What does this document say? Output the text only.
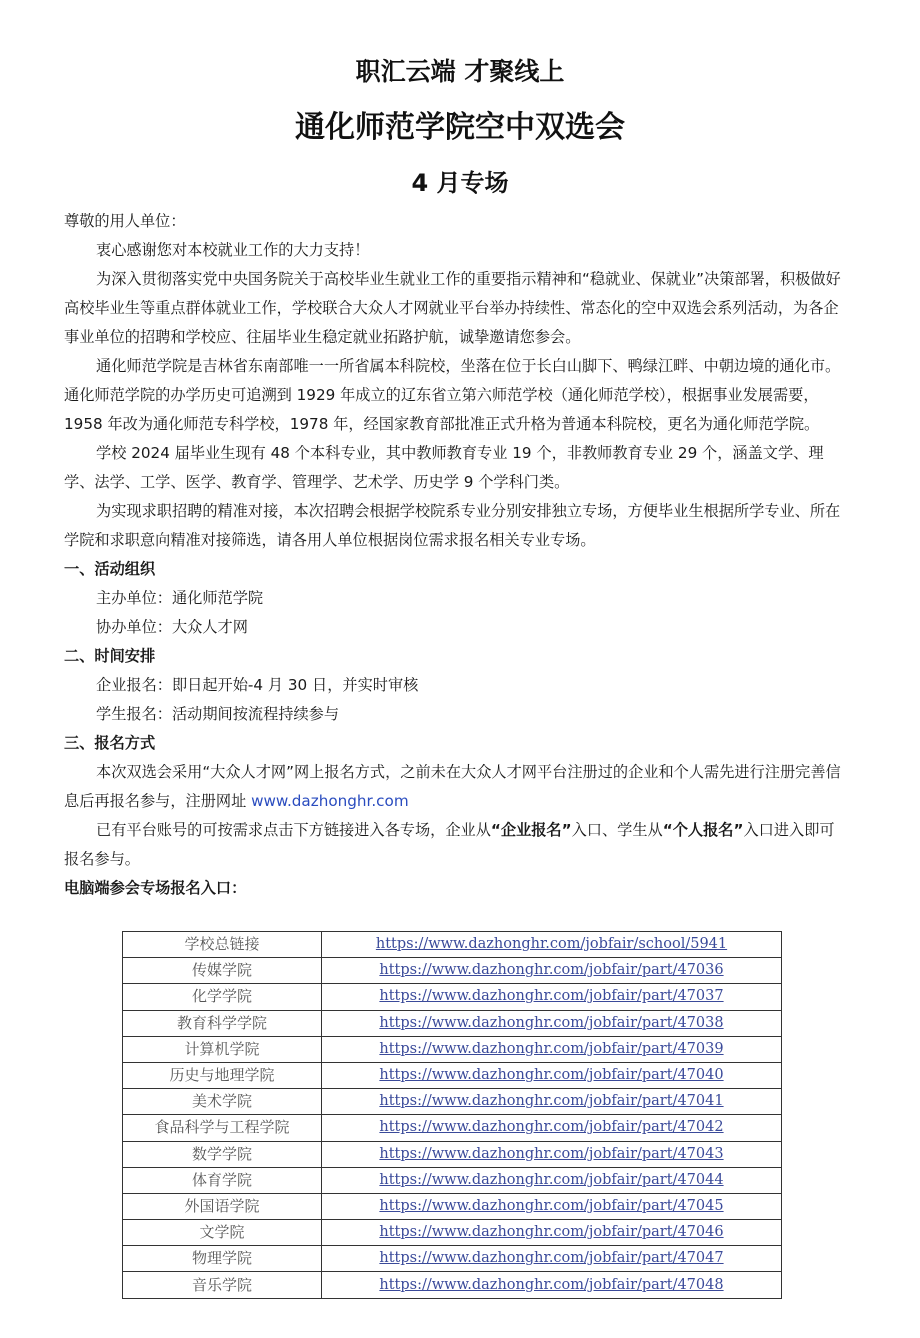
职汇云端 才聚线上
通化师范学院空中双选会
4 月专场

尊敬的用人单位：

衷心感谢您对本校就业工作的大力支持！

为深入贯彻落实党中央国务院关于高校毕业生就业工作的重要指示精神和“稳就业、保就业”决策部署，积极做好高校毕业生等重点群体就业工作，学校联合大众人才网就业平台举办持续性、常态化的空中双选会系列活动，为各企事业单位的招聘和学校应、往届毕业生稳定就业拓路护航，诚挚邀请您参会。

通化师范学院是吉林省东南部唯一一所省属本科院校，坐落在位于长白山脚下、鸭绿江畔、中朝边境的通化市。通化师范学院的办学历史可追溯到 1929 年成立的辽东省立第六师范学校（通化师范学校），根据事业发展需要，1958 年改为通化师范专科学校，1978 年，经国家教育部批准正式升格为普通本科院校，更名为通化师范学院。

学校 2024 届毕业生现有 48 个本科专业，其中教师教育专业 19 个，非教师教育专业 29 个，涵盖文学、理学、法学、工学、医学、教育学、管理学、艺术学、历史学 9 个学科门类。

为实现求职招聘的精准对接，本次招聘会根据学校院系专业分别安排独立专场，方便毕业生根据所学专业、所在学院和求职意向精准对接筛选，请各用人单位根据岗位需求报名相关专业专场。

一、活动组织

主办单位：通化师范学院

协办单位：大众人才网

二、时间安排

企业报名：即日起开始-4 月 30 日，并实时审核

学生报名：活动期间按流程持续参与

三、报名方式

本次双选会采用“大众人才网”网上报名方式，之前未在大众人才网平台注册过的企业和个人需先进行注册完善信息后再报名参与，注册网址 www.dazhonghr.com

已有平台账号的可按需求点击下方链接进入各专场，企业从“企业报名”入口、学生从“个人报名”入口进入即可报名参与。

电脑端参会专场报名入口：

学校总链接	https://www.dazhonghr.com/jobfair/school/5941
传媒学院	https://www.dazhonghr.com/jobfair/part/47036
化学学院	https://www.dazhonghr.com/jobfair/part/47037
教育科学学院	https://www.dazhonghr.com/jobfair/part/47038
计算机学院	https://www.dazhonghr.com/jobfair/part/47039
历史与地理学院	https://www.dazhonghr.com/jobfair/part/47040
美术学院	https://www.dazhonghr.com/jobfair/part/47041
食品科学与工程学院	https://www.dazhonghr.com/jobfair/part/47042
数学学院	https://www.dazhonghr.com/jobfair/part/47043
体育学院	https://www.dazhonghr.com/jobfair/part/47044
外国语学院	https://www.dazhonghr.com/jobfair/part/47045
文学院	https://www.dazhonghr.com/jobfair/part/47046
物理学院	https://www.dazhonghr.com/jobfair/part/47047
音乐学院	https://www.dazhonghr.com/jobfair/part/47048
